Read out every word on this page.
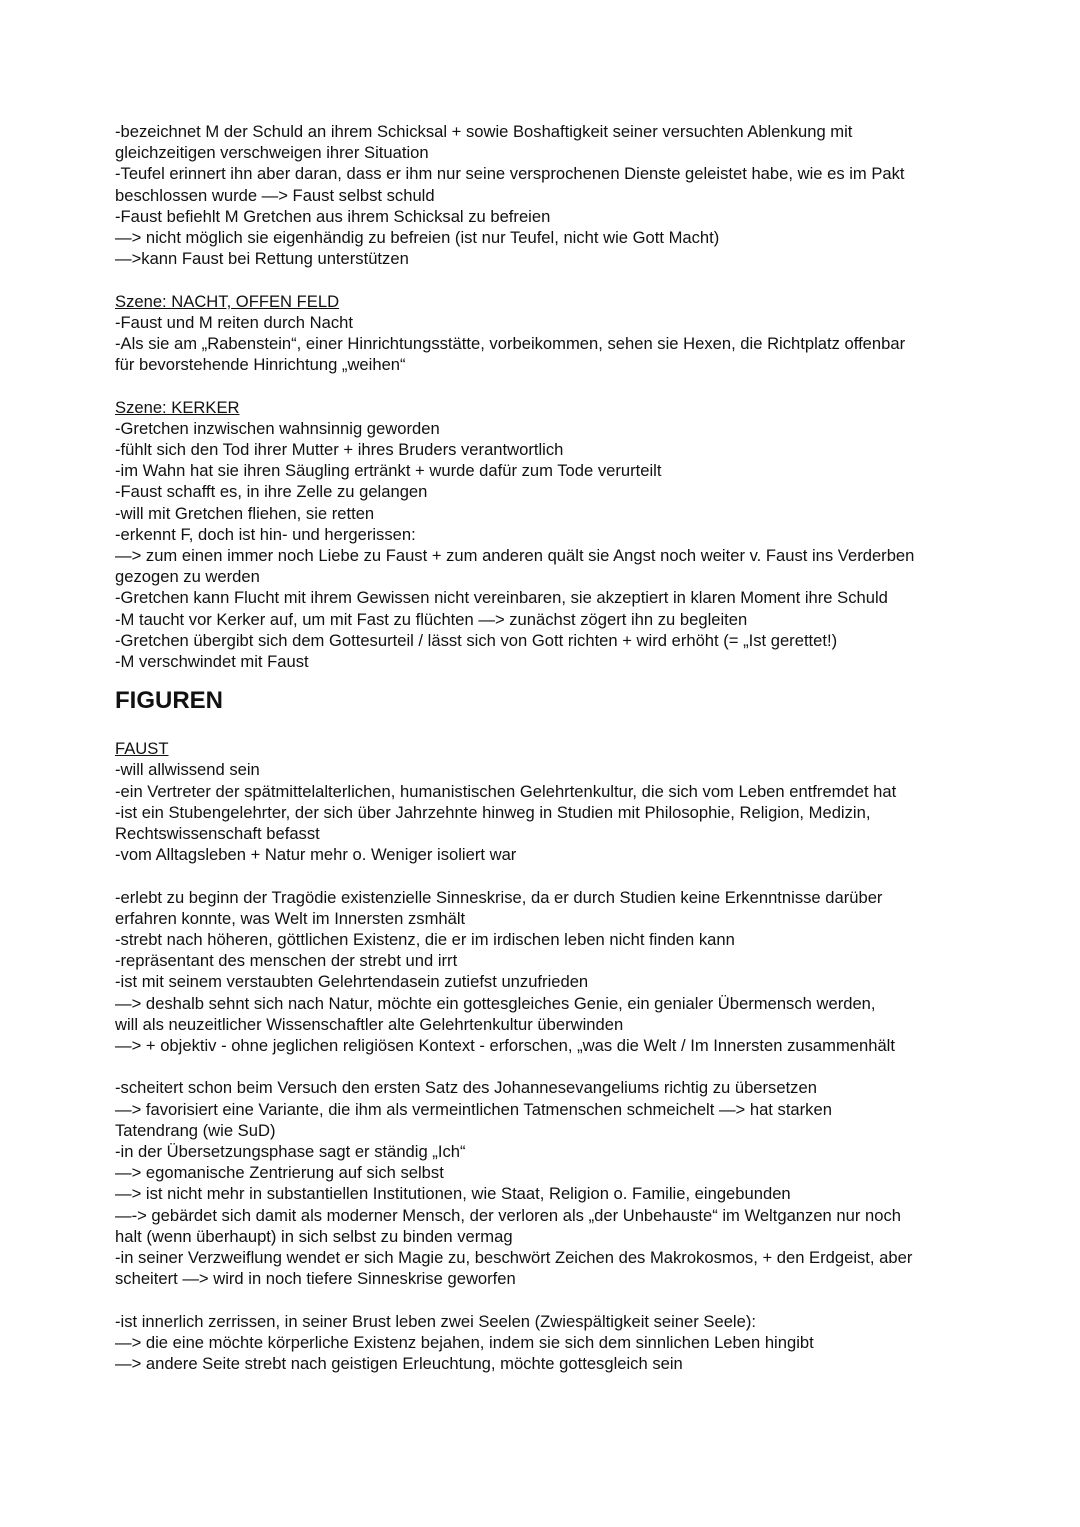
-bezeichnet M der Schuld an ihrem Schicksal + sowie Boshaftigkeit seiner versuchten Ablenkung mit
gleichzeitigen verschweigen ihrer Situation
-Teufel erinnert ihn aber daran, dass er ihm nur seine versprochenen Dienste geleistet habe, wie es im Pakt
beschlossen wurde —> Faust selbst schuld
-Faust befiehlt M Gretchen aus ihrem Schicksal zu befreien
—> nicht möglich sie eigenhändig zu befreien (ist nur Teufel, nicht wie Gott Macht)
—>kann Faust bei Rettung unterstützen
Szene: NACHT, OFFEN FELD
-Faust und M reiten durch Nacht
-Als sie am „Rabenstein“, einer Hinrichtungsstätte, vorbeikommen, sehen sie Hexen, die Richtplatz offenbar
für bevorstehende Hinrichtung „weihen“
Szene: KERKER
-Gretchen inzwischen wahnsinnig geworden
-fühlt sich den Tod ihrer Mutter + ihres Bruders verantwortlich
-im Wahn hat sie ihren Säugling ertränkt + wurde dafür zum Tode verurteilt
-Faust schafft es, in ihre Zelle zu gelangen
-will mit Gretchen fliehen, sie retten
-erkennt F, doch ist hin- und hergerissen:
—> zum einen immer noch Liebe zu Faust + zum anderen quält sie Angst noch weiter v. Faust ins Verderben
gezogen zu werden
-Gretchen kann Flucht mit ihrem Gewissen nicht vereinbaren, sie akzeptiert in klaren Moment ihre Schuld
-M taucht vor Kerker auf, um mit Fast zu flüchten —> zunächst zögert ihn zu begleiten
-Gretchen übergibt sich dem Gottesurteil / lässt sich von Gott richten + wird erhöht (= „Ist gerettet!)
-M verschwindet mit Faust
FIGUREN
FAUST
-will allwissend sein
-ein Vertreter der spätmittelalterlichen, humanistischen Gelehrtenkultur, die sich vom Leben entfremdet hat
-ist ein Stubengelehrter, der sich über Jahrzehnte hinweg in Studien mit Philosophie, Religion, Medizin,
Rechtswissenschaft befasst
-vom Alltagsleben + Natur mehr o. Weniger isoliert war
-erlebt zu beginn der Tragödie existenzielle Sinneskrise, da er durch Studien keine Erkenntnisse darüber
erfahren konnte, was Welt im Innersten zsmhält
-strebt nach höheren, göttlichen Existenz, die er im irdischen leben nicht finden kann
-repräsentant des menschen der strebt und irrt
-ist mit seinem verstaubten Gelehrtendasein zutiefst unzufrieden
—> deshalb sehnt sich nach Natur, möchte ein gottesgleiches Genie, ein genialer Übermensch werden,
will als neuzeitlicher Wissenschaftler alte Gelehrtenkultur überwinden
—> + objektiv - ohne jeglichen religiösen Kontext - erforschen, „was die Welt / Im Innersten zusammenhält
-scheitert schon beim Versuch den ersten Satz des Johannesevangeliums richtig zu übersetzen
—> favorisiert eine Variante, die ihm als vermeintlichen Tatmenschen schmeichelt —> hat starken
Tatendrang (wie SuD)
-in der Übersetzungsphase sagt er ständig „Ich“
—> egomanische Zentrierung auf sich selbst
—> ist nicht mehr in substantiellen Institutionen, wie Staat, Religion o. Familie, eingebunden
—-> gebärdet sich damit als moderner Mensch, der verloren als „der Unbehauste“ im Weltganzen nur noch
halt (wenn überhaupt) in sich selbst zu binden vermag
-in seiner Verzweiflung wendet er sich Magie zu, beschwört Zeichen des Makrokosmos, + den Erdgeist, aber
scheitert —> wird in noch tiefere Sinneskrise geworfen
-ist innerlich zerrissen, in seiner Brust leben zwei Seelen (Zwiespältigkeit seiner Seele):
—> die eine möchte körperliche Existenz bejahen, indem sie sich dem sinnlichen Leben hingibt
—> andere Seite strebt nach geistigen Erleuchtung, möchte gottesgleich sein
